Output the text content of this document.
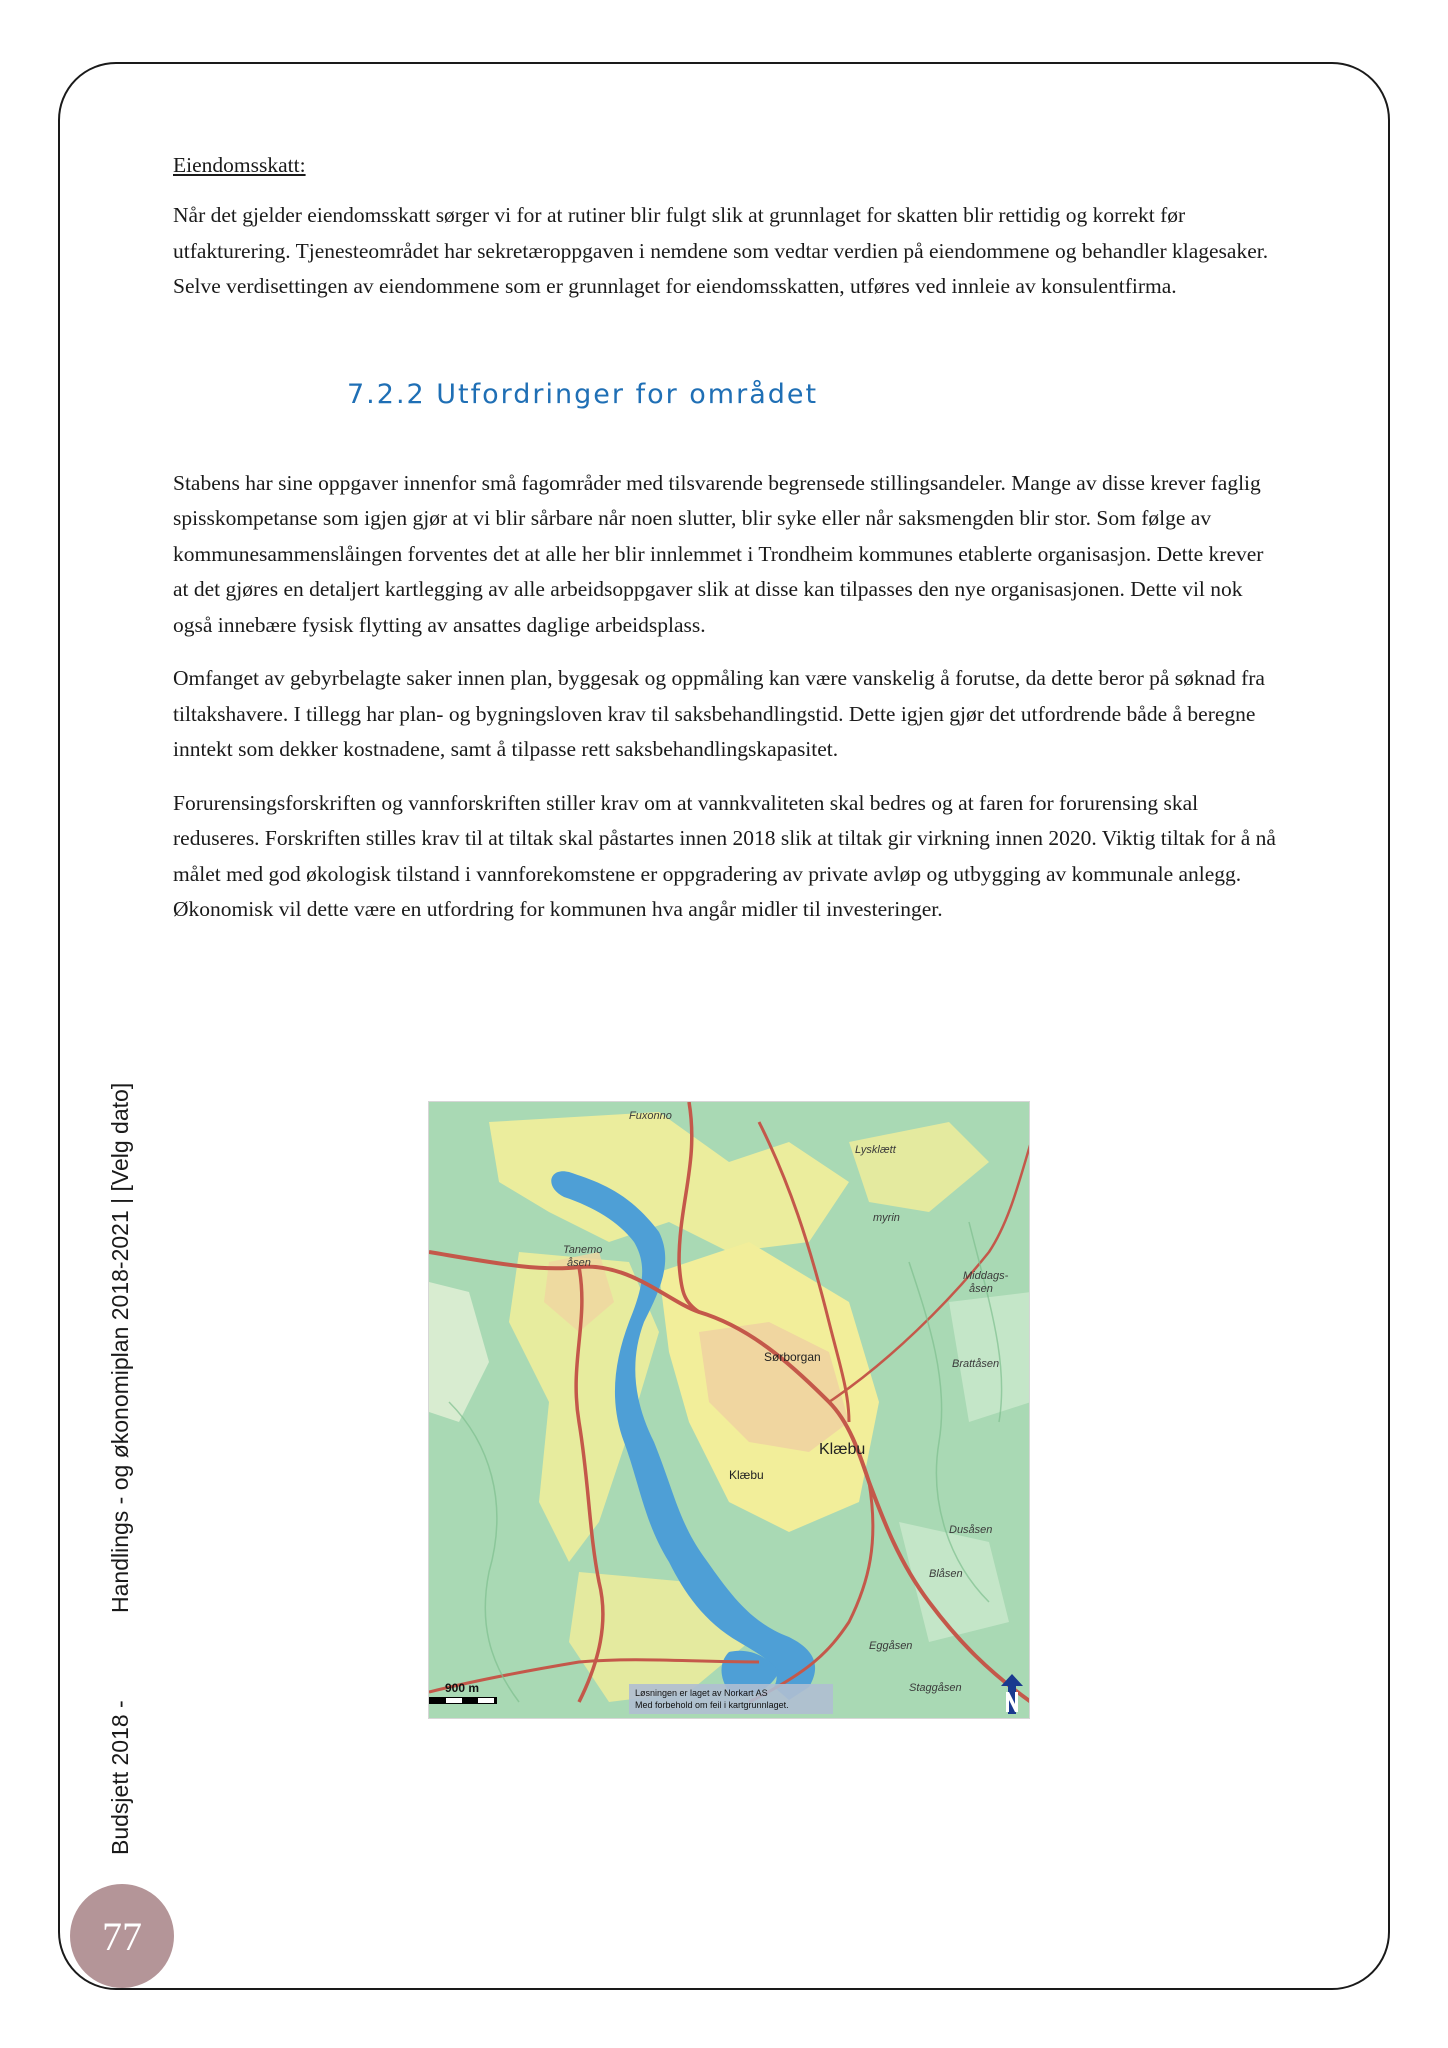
Budsjett 2018 -
Handlings - og økonomiplan 2018-2021 | [Velg dato]
77
Eiendomsskatt:

Når det gjelder eiendomsskatt sørger vi for at rutiner blir fulgt slik at grunnlaget for skatten blir rettidig og korrekt før utfakturering. Tjenesteområdet har sekretæroppgaven i nemdene som vedtar verdien på eiendommene og behandler klagesaker. Selve verdisettingen av eiendommene som er grunnlaget for eiendomsskatten, utføres ved innleie av konsulentfirma.

7.2.2 Utfordringer for området

Stabens har sine oppgaver innenfor små fagområder med tilsvarende begrensede stillingsandeler. Mange av disse krever faglig spisskompetanse som igjen gjør at vi blir sårbare når noen slutter, blir syke eller når saksmengden blir stor. Som følge av kommunesammenslåingen forventes det at alle her blir innlemmet i Trondheim kommunes etablerte organisasjon. Dette krever at det gjøres en detaljert kartlegging av alle arbeidsoppgaver slik at disse kan tilpasses den nye organisasjonen. Dette vil nok også innebære fysisk flytting av ansattes daglige arbeidsplass.

Omfanget av gebyrbelagte saker innen plan, byggesak og oppmåling kan være vanskelig å forutse, da dette beror på søknad fra tiltakshavere. I tillegg har plan- og bygningsloven krav til saksbehandlingstid. Dette igjen gjør det utfordrende både å beregne inntekt som dekker kostnadene, samt å tilpasse rett saksbehandlingskapasitet.

Forurensingsforskriften og vannforskriften stiller krav om at vannkvaliteten skal bedres og at faren for forurensing skal reduseres. Forskriften stilles krav til at tiltak skal påstartes innen 2018 slik at tiltak gir virkning innen 2020. Viktig tiltak for å nå målet med god økologisk tilstand i vannforekomstene er oppgradering av private avløp og utbygging av kommunale anlegg. Økonomisk vil dette være en utfordring for kommunen hva angår midler til investeringer.

Fuxonno
Lysklætt
Tanemo
åsen
Middags-
åsen
Brattåsen
Dusåsen
Blåsen
Eggåsen
Staggåsen
myrin
Sørborgan
Klæbu
Klæbu
900 m	Løsningen er laget av Norkart AS
Med forbehold om feil i kartgrunnlaget.
